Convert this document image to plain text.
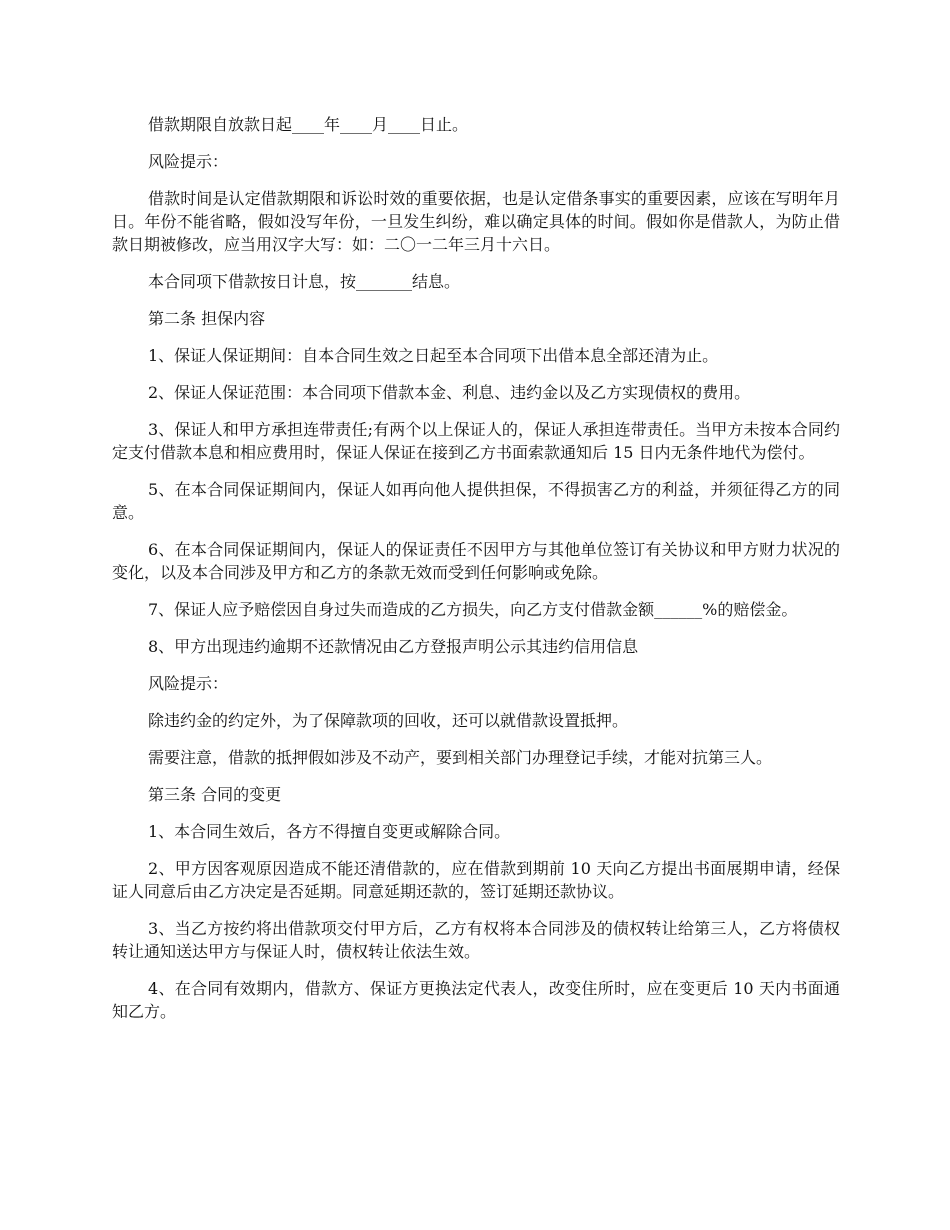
借款期限自放款日起____年____月____日止。

风险提示：

借款时间是认定借款期限和诉讼时效的重要依据，也是认定借条事实的重要因素，应该在写明年月日。年份不能省略，假如没写年份，一旦发生纠纷，难以确定具体的时间。假如你是借款人，为防止借款日期被修改，应当用汉字大写：如：二〇一二年三月十六日。

本合同项下借款按日计息，按_______结息。

第二条 担保内容

1、保证人保证期间：自本合同生效之日起至本合同项下出借本息全部还清为止。

2、保证人保证范围：本合同项下借款本金、利息、违约金以及乙方实现债权的费用。

3、保证人和甲方承担连带责任;有两个以上保证人的，保证人承担连带责任。当甲方未按本合同约定支付借款本息和相应费用时，保证人保证在接到乙方书面索款通知后 15 日内无条件地代为偿付。

5、在本合同保证期间内，保证人如再向他人提供担保，不得损害乙方的利益，并须征得乙方的同意。

6、在本合同保证期间内，保证人的保证责任不因甲方与其他单位签订有关协议和甲方财力状况的变化，以及本合同涉及甲方和乙方的条款无效而受到任何影响或免除。

7、保证人应予赔偿因自身过失而造成的乙方损失，向乙方支付借款金额______%的赔偿金。

8、甲方出现违约逾期不还款情况由乙方登报声明公示其违约信用信息

风险提示：

除违约金的约定外，为了保障款项的回收，还可以就借款设置抵押。

需要注意，借款的抵押假如涉及不动产，要到相关部门办理登记手续，才能对抗第三人。

第三条 合同的变更

1、本合同生效后，各方不得擅自变更或解除合同。

2、甲方因客观原因造成不能还清借款的，应在借款到期前 10 天向乙方提出书面展期申请，经保证人同意后由乙方决定是否延期。同意延期还款的，签订延期还款协议。

3、当乙方按约将出借款项交付甲方后，乙方有权将本合同涉及的债权转让给第三人，乙方将债权转让通知送达甲方与保证人时，债权转让依法生效。

4、在合同有效期内，借款方、保证方更换法定代表人，改变住所时，应在变更后 10 天内书面通知乙方。
